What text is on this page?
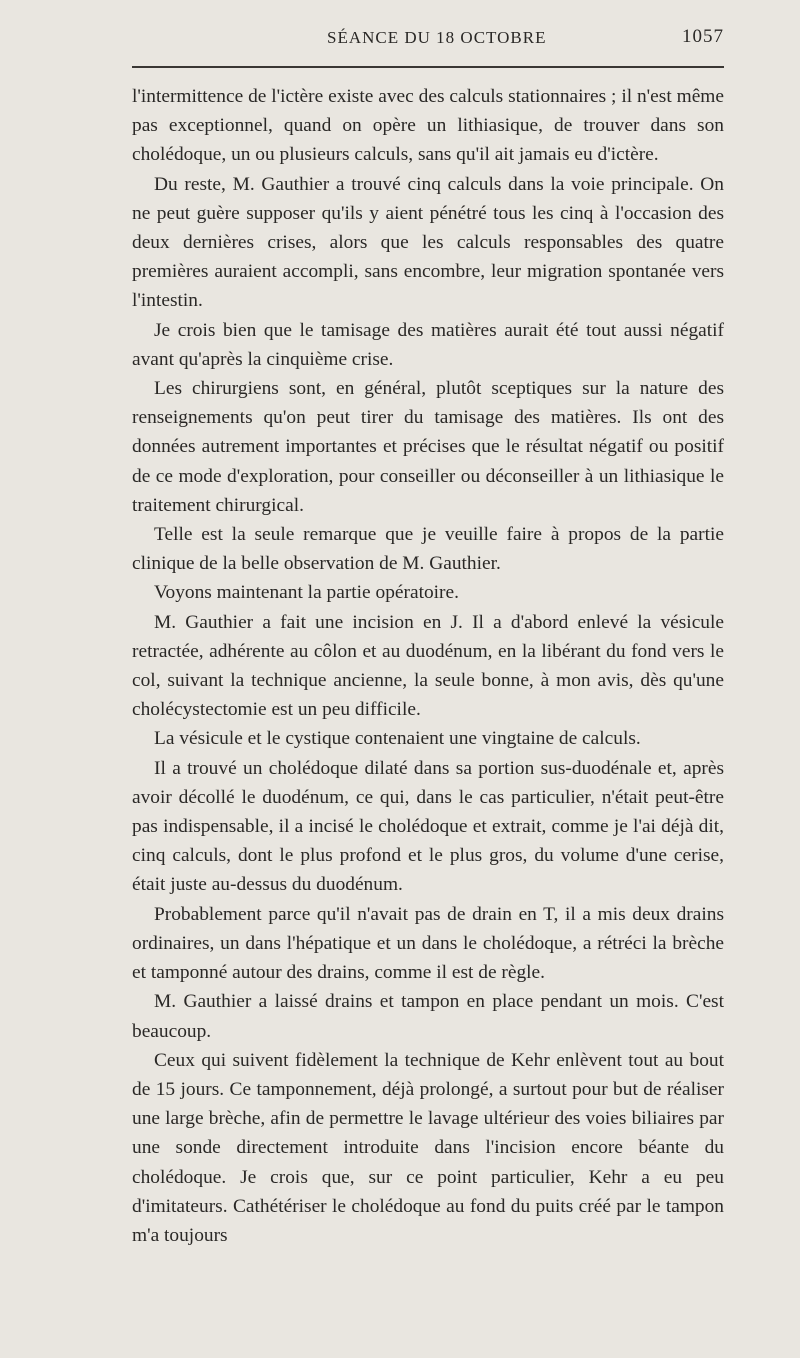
SÉANCE DU 18 OCTOBRE	1057

l'intermittence de l'ictère existe avec des calculs stationnaires ; il n'est même pas exceptionnel, quand on opère un lithiasique, de trouver dans son cholédoque, un ou plusieurs calculs, sans qu'il ait jamais eu d'ictère.

Du reste, M. Gauthier a trouvé cinq calculs dans la voie principale. On ne peut guère supposer qu'ils y aient pénétré tous les cinq à l'occasion des deux dernières crises, alors que les calculs responsables des quatre premières auraient accompli, sans encombre, leur migration spontanée vers l'intestin.

Je crois bien que le tamisage des matières aurait été tout aussi négatif avant qu'après la cinquième crise.

Les chirurgiens sont, en général, plutôt sceptiques sur la nature des renseignements qu'on peut tirer du tamisage des matières. Ils ont des données autrement importantes et précises que le résultat négatif ou positif de ce mode d'exploration, pour conseiller ou déconseiller à un lithiasique le traitement chirurgical.

Telle est la seule remarque que je veuille faire à propos de la partie clinique de la belle observation de M. Gauthier.

Voyons maintenant la partie opératoire.

M. Gauthier a fait une incision en J. Il a d'abord enlevé la vésicule retractée, adhérente au côlon et au duodénum, en la libérant du fond vers le col, suivant la technique ancienne, la seule bonne, à mon avis, dès qu'une cholécystectomie est un peu difficile.

La vésicule et le cystique contenaient une vingtaine de calculs.

Il a trouvé un cholédoque dilaté dans sa portion sus-duodénale et, après avoir décollé le duodénum, ce qui, dans le cas particulier, n'était peut-être pas indispensable, il a incisé le cholédoque et extrait, comme je l'ai déjà dit, cinq calculs, dont le plus profond et le plus gros, du volume d'une cerise, était juste au-dessus du duodénum.

Probablement parce qu'il n'avait pas de drain en T, il a mis deux drains ordinaires, un dans l'hépatique et un dans le cholédoque, a rétréci la brèche et tamponné autour des drains, comme il est de règle.

M. Gauthier a laissé drains et tampon en place pendant un mois. C'est beaucoup.

Ceux qui suivent fidèlement la technique de Kehr enlèvent tout au bout de 15 jours. Ce tamponnement, déjà prolongé, a surtout pour but de réaliser une large brèche, afin de permettre le lavage ultérieur des voies biliaires par une sonde directement introduite dans l'incision encore béante du cholédoque. Je crois que, sur ce point particulier, Kehr a eu peu d'imitateurs. Cathétériser le cholédoque au fond du puits créé par le tampon m'a toujours
